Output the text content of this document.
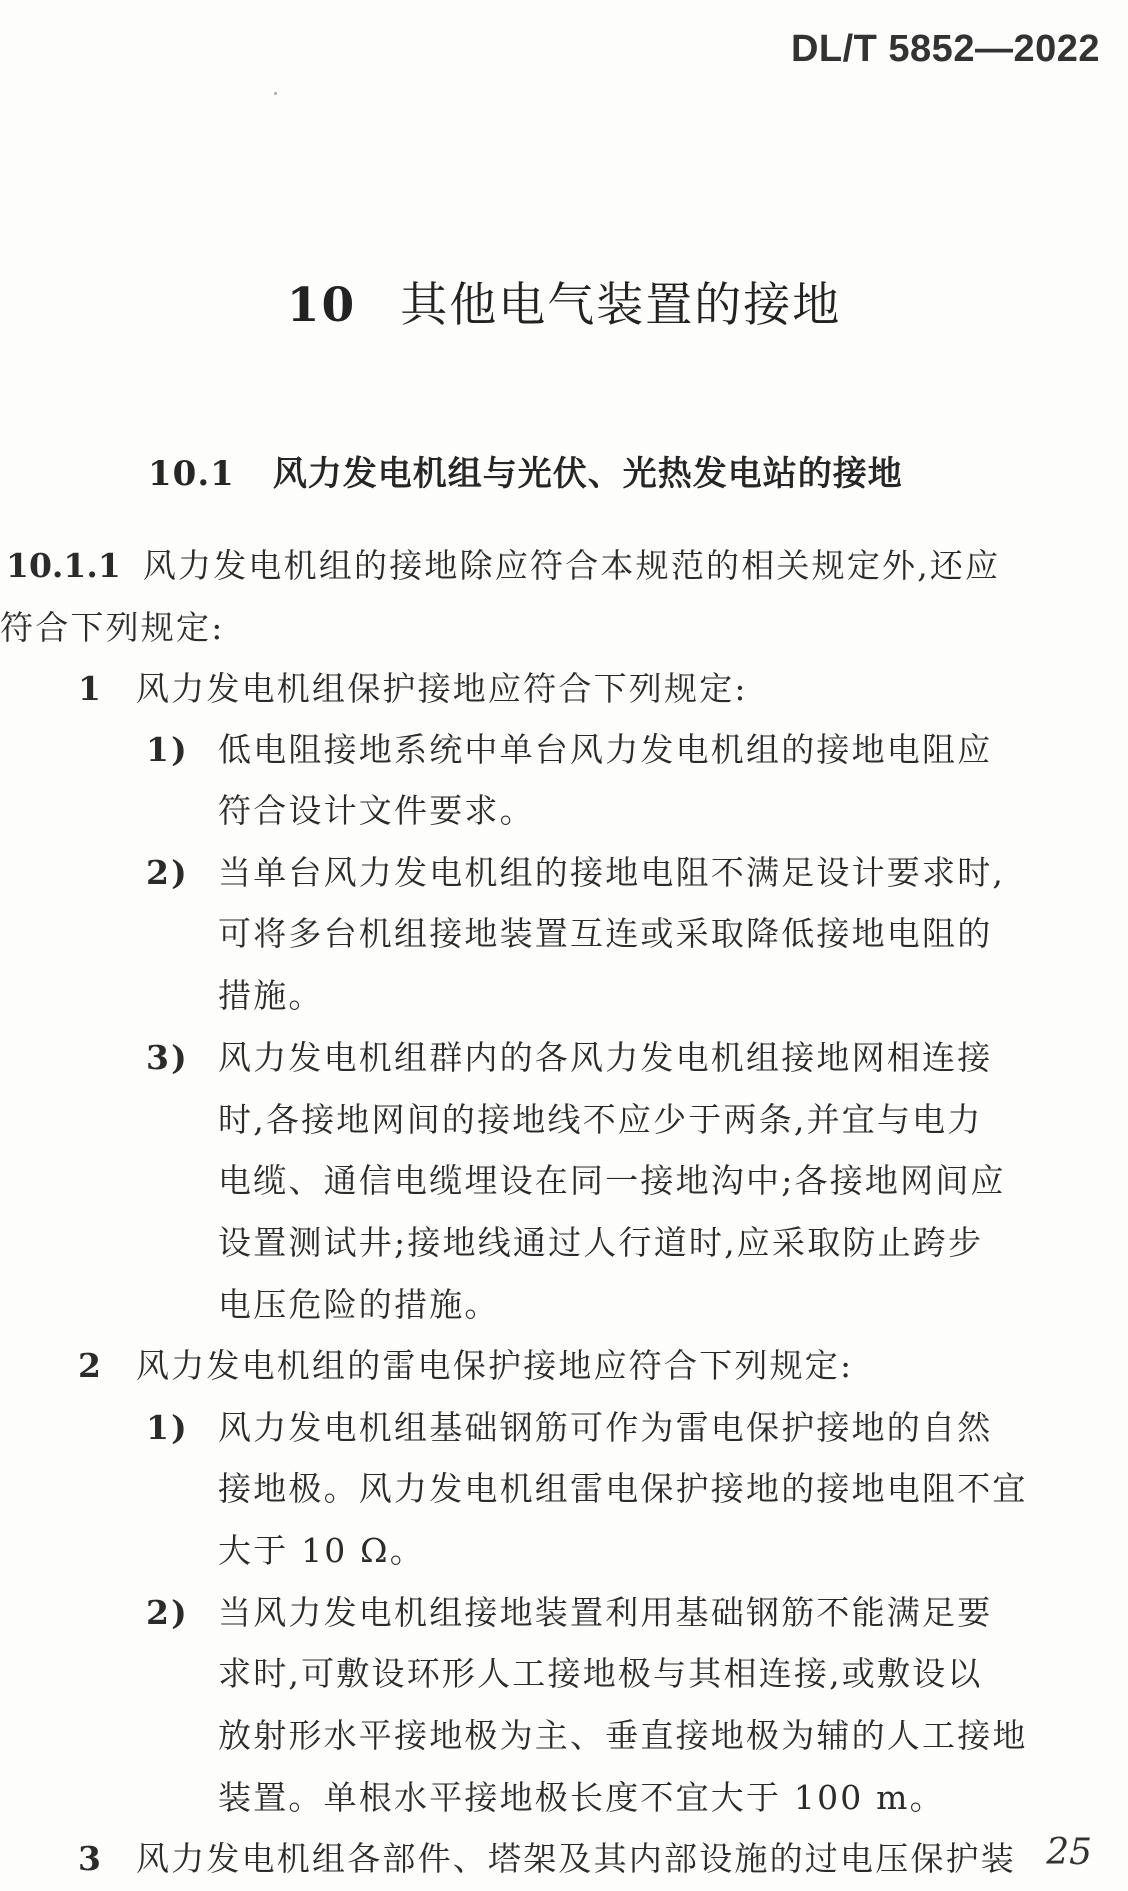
DL/T 5852—2022
10 其他电气装置的接地
10.1 风力发电机组与光伏、光热发电站的接地
10.1.1 风力发电机组的接地除应符合本规范的相关规定外,还应
符合下列规定:
1 风力发电机组保护接地应符合下列规定:
1) 低电阻接地系统中单台风力发电机组的接地电阻应
符合设计文件要求。
2) 当单台风力发电机组的接地电阻不满足设计要求时,
可将多台机组接地装置互连或采取降低接地电阻的
措施。
3) 风力发电机组群内的各风力发电机组接地网相连接
时,各接地网间的接地线不应少于两条,并宜与电力
电缆、通信电缆埋设在同一接地沟中;各接地网间应
设置测试井;接地线通过人行道时,应采取防止跨步
电压危险的措施。
2 风力发电机组的雷电保护接地应符合下列规定:
1) 风力发电机组基础钢筋可作为雷电保护接地的自然
接地极。风力发电机组雷电保护接地的接地电阻不宜
大于 10 Ω。
2) 当风力发电机组接地装置利用基础钢筋不能满足要
求时,可敷设环形人工接地极与其相连接,或敷设以
放射形水平接地极为主、垂直接地极为辅的人工接地
装置。单根水平接地极长度不宜大于 100 m。
3 风力发电机组各部件、塔架及其内部设施的过电压保护装 25
